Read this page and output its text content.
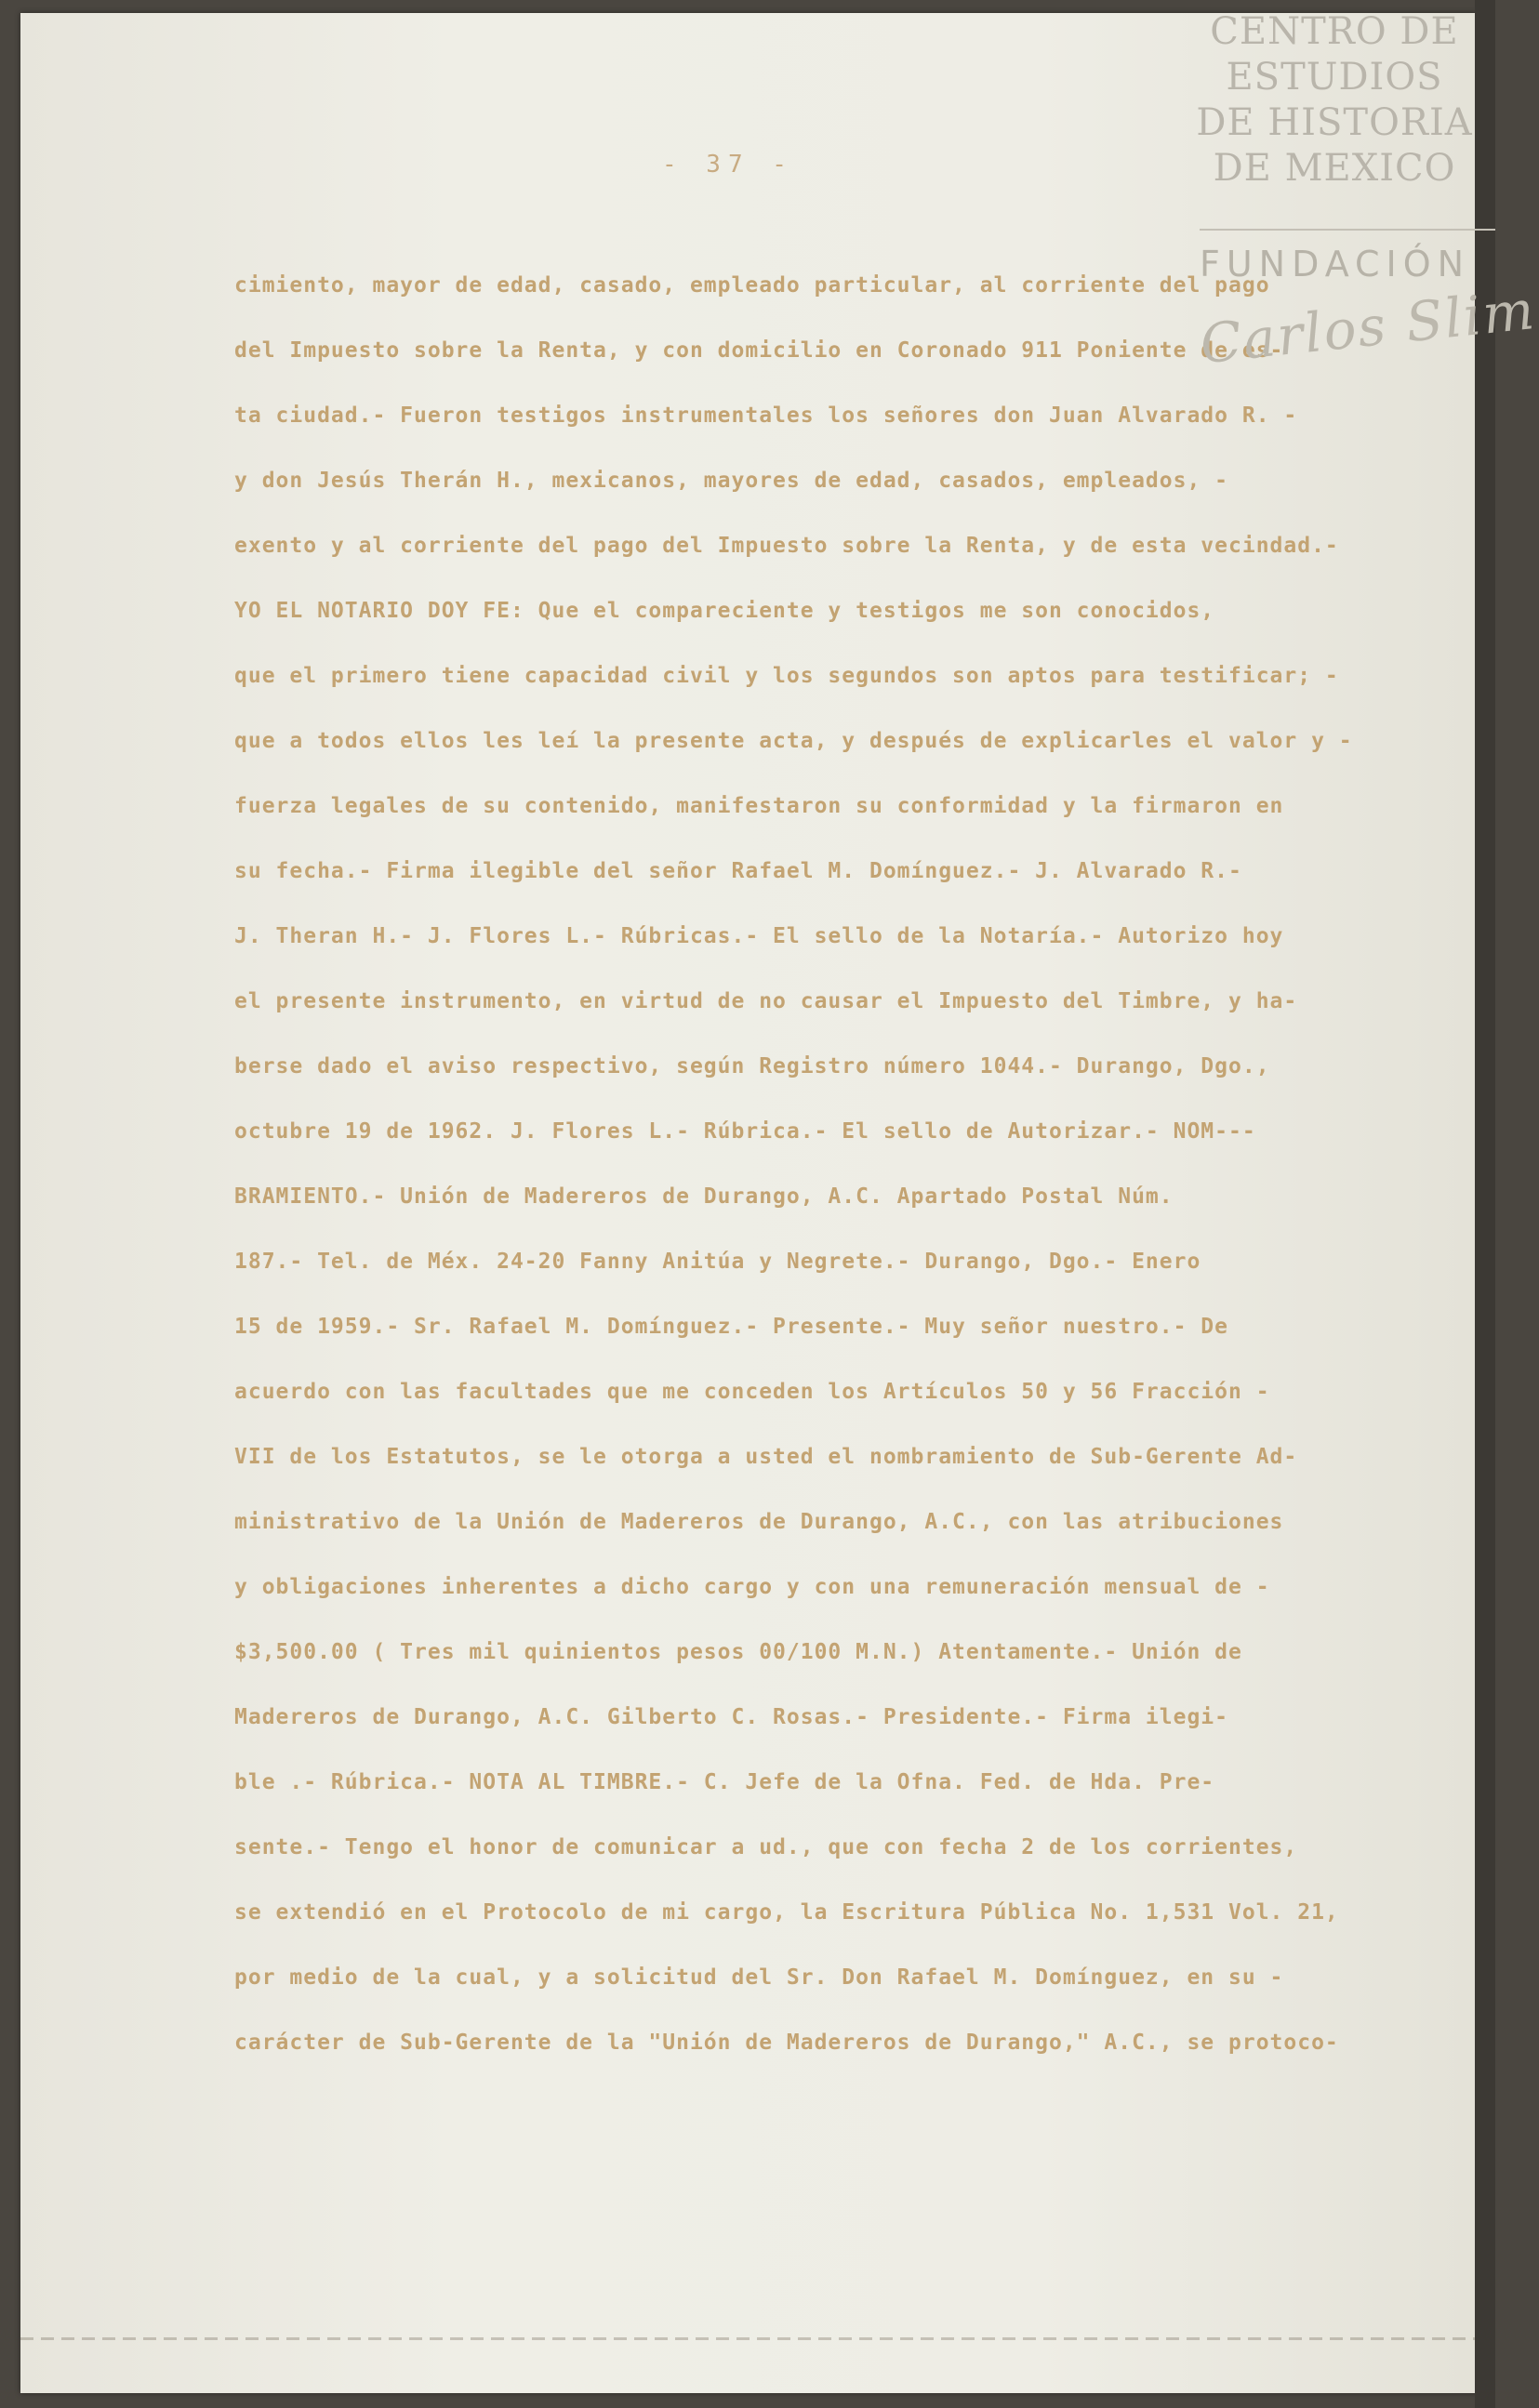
- 37 -
cimiento, mayor de edad, casado, empleado particular, al corriente del pago
del Impuesto sobre la Renta, y con domicilio en Coronado 911 Poniente de es-
ta ciudad.- Fueron testigos instrumentales los señores don Juan Alvarado R. -
y don Jesús Therán H., mexicanos, mayores de edad, casados, empleados, -
exento y al corriente del pago del Impuesto sobre la Renta, y de esta vecindad.-
YO EL NOTARIO DOY FE: Que el compareciente y testigos me son conocidos,
que el primero tiene capacidad civil y los segundos son aptos para testificar; -
que a todos ellos les leí la presente acta, y después de explicarles el valor y -
fuerza legales de su contenido, manifestaron su conformidad y la firmaron en
su fecha.- Firma ilegible del señor Rafael M. Domínguez.- J. Alvarado R.-
J. Theran H.- J. Flores L.- Rúbricas.- El sello de la Notaría.- Autorizo hoy
el presente instrumento, en virtud de no causar el Impuesto del Timbre, y ha-
berse dado el aviso respectivo, según Registro número 1044.- Durango, Dgo.,
octubre 19 de 1962. J. Flores L.- Rúbrica.- El sello de Autorizar.- NOM---
BRAMIENTO.- Unión de Madereros de Durango, A.C. Apartado Postal Núm.
187.- Tel. de Méx. 24-20 Fanny Anitúa y Negrete.- Durango, Dgo.- Enero
15 de 1959.- Sr. Rafael M. Domínguez.- Presente.- Muy señor nuestro.- De
acuerdo con las facultades que me conceden los Artículos 50 y 56 Fracción -
VII de los Estatutos, se le otorga a usted el nombramiento de Sub-Gerente Ad-
ministrativo de la Unión de Madereros de Durango, A.C., con las atribuciones
y obligaciones inherentes a dicho cargo y con una remuneración mensual de -
$3,500.00 ( Tres mil quinientos pesos 00/100 M.N.) Atentamente.- Unión de
Madereros de Durango, A.C. Gilberto C. Rosas.- Presidente.- Firma ilegi-
ble .- Rúbrica.- NOTA AL TIMBRE.- C. Jefe de la Ofna. Fed. de Hda. Pre-
sente.- Tengo el honor de comunicar a ud., que con fecha 2 de los corrientes,
se extendió en el Protocolo de mi cargo, la Escritura Pública No. 1,531 Vol. 21,
por medio de la cual, y a solicitud del Sr. Don Rafael M. Domínguez, en su -
carácter de Sub-Gerente de la "Unión de Madereros de Durango," A.C., se protoco-
CENTRO DE
ESTUDIOS
DE HISTORIA
DE MEXICO
FUNDACIÓN
Carlos Slim
